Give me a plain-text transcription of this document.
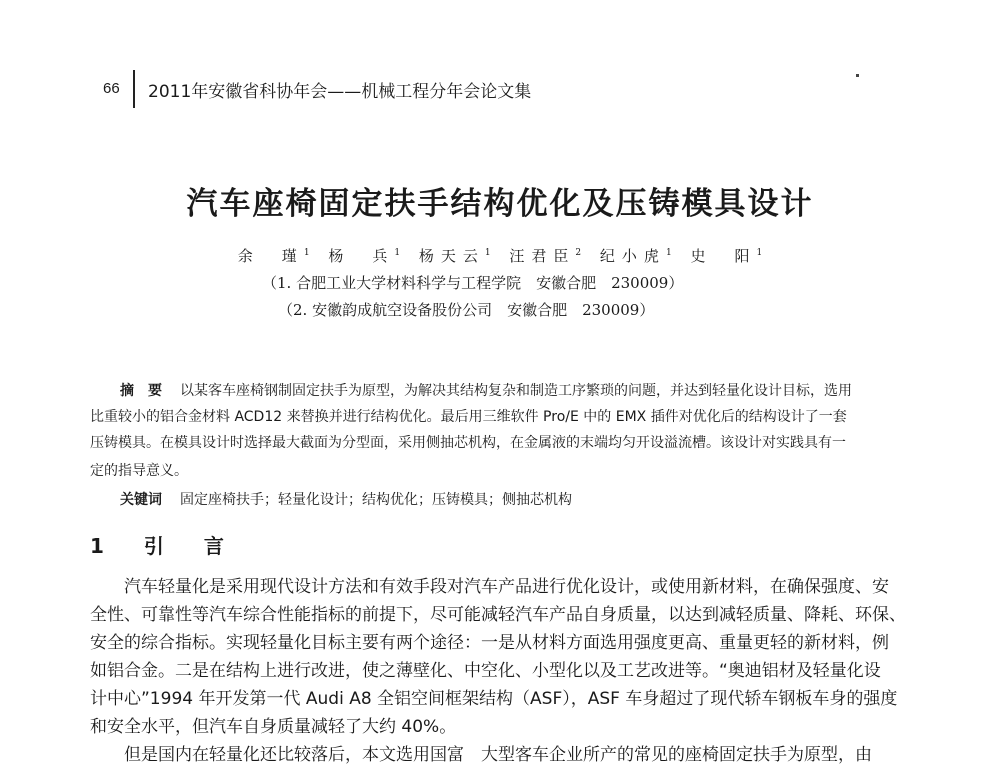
66 2011年安徽省科协年会——机械工程分年会论文集
汽车座椅固定扶手结构优化及压铸模具设计
余　瑾$^1$ 杨　兵$^1$ 杨天云$^1$ 汪君臣$^2$ 纪小虎$^1$ 史　阳$^1$
（1. 合肥工业大学材料科学与工程学院　安徽合肥　230009）
（2. 安徽韵成航空设备股份公司　安徽合肥　230009）
摘　要 以某客车座椅钢制固定扶手为原型，为解决其结构复杂和制造工序繁琐的问题，并达到轻量化设计目标，选用
比重较小的铝合金材料 ACD12 来替换并进行结构优化。最后用三维软件 Pro/E 中的 EMX 插件对优化后的结构设计了一套
压铸模具。在模具设计时选择最大截面为分型面，采用侧抽芯机构，在金属液的末端均匀开设溢流槽。该设计对实践具有一
定的指导意义。
关键词 固定座椅扶手；轻量化设计；结构优化；压铸模具；侧抽芯机构
1　引　言
汽车轻量化是采用现代设计方法和有效手段对汽车产品进行优化设计，或使用新材料，在确保强度、安
全性、可靠性等汽车综合性能指标的前提下，尽可能减轻汽车产品自身质量，以达到减轻质量、降耗、环保、
安全的综合指标。实现轻量化目标主要有两个途径：一是从材料方面选用强度更高、重量更轻的新材料，例
如铝合金。二是在结构上进行改进，使之薄壁化、中空化、小型化以及工艺改进等。“奥迪铝材及轻量化设
计中心”1994 年开发第一代 Audi A8 全铝空间框架结构（ASF），ASF 车身超过了现代轿车钢板车身的强度
和安全水平，但汽车自身质量减轻了大约 40%。
但是国内在轻量化还比较落后，本文选用国富　大型客车企业所产的常见的座椅固定扶手为原型，由
